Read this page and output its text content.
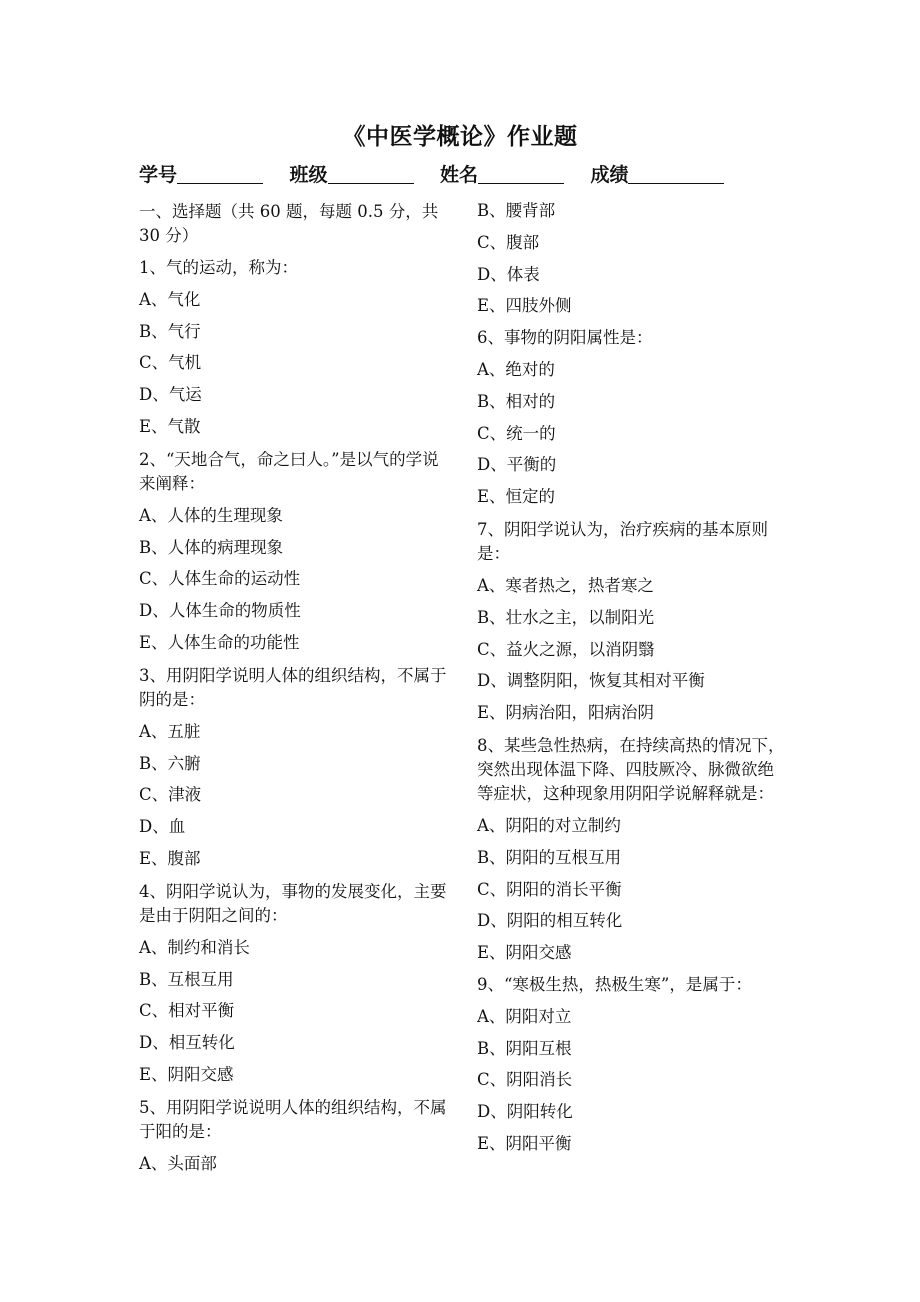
《中医学概论》作业题
学号	班级	姓名	成绩
一、选择题（共 60 题，每题 0.5 分，共 30 分）
1、气的运动，称为：
A、气化
B、气行
C、气机
D、气运
E、气散
2、“天地合气，命之曰人。”是以气的学说来阐释：
A、人体的生理现象
B、人体的病理现象
C、人体生命的运动性
D、人体生命的物质性
E、人体生命的功能性
3、用阴阳学说明人体的组织结构，不属于阴的是：
A、五脏
B、六腑
C、津液
D、血
E、腹部
4、阴阳学说认为，事物的发展变化，主要是由于阴阳之间的：
A、制约和消长
B、互根互用
C、相对平衡
D、相互转化
E、阴阳交感
5、用阴阳学说说明人体的组织结构，不属于阳的是：
A、头面部
B、腰背部
C、腹部
D、体表
E、四肢外侧
6、事物的阴阳属性是：
A、绝对的
B、相对的
C、统一的
D、平衡的
E、恒定的
7、阴阳学说认为，治疗疾病的基本原则是：
A、寒者热之，热者寒之
B、壮水之主，以制阳光
C、益火之源，以消阴翳
D、调整阴阳，恢复其相对平衡
E、阴病治阳，阳病治阴
8、某些急性热病，在持续高热的情况下，突然出现体温下降、四肢厥冷、脉微欲绝等症状，这种现象用阴阳学说解释就是：
A、阴阳的对立制约
B、阴阳的互根互用
C、阴阳的消长平衡
D、阴阳的相互转化
E、阴阳交感
9、“寒极生热，热极生寒”，是属于：
A、阴阳对立
B、阴阳互根
C、阴阳消长
D、阴阳转化
E、阴阳平衡
